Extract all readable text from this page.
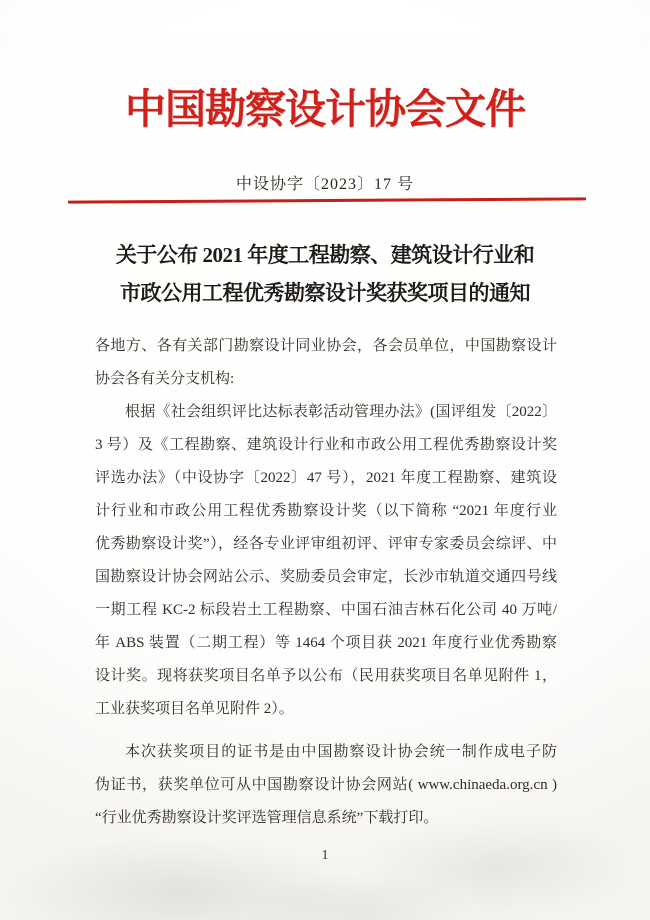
中国勘察设计协会文件
中设协字〔2023〕17 号
关于公布 2021 年度工程勘察、建筑设计行业和
市政公用工程优秀勘察设计奖获奖项目的通知
各地方、各有关部门勘察设计同业协会，各会员单位，中国勘察设计
协会各有关分支机构:
根据《社会组织评比达标表彰活动管理办法》(国评组发〔2022〕
3 号）及《工程勘察、建筑设计行业和市政公用工程优秀勘察设计奖
评选办法》（中设协字〔2022〕47 号），2021 年度工程勘察、建筑设
计行业和市政公用工程优秀勘察设计奖（以下简称 “2021 年度行业
优秀勘察设计奖”），经各专业评审组初评、评审专家委员会综评、中
国勘察设计协会网站公示、奖励委员会审定，长沙市轨道交通四号线
一期工程 KC-2 标段岩土工程勘察、中国石油吉林石化公司 40 万吨/
年 ABS 装置（二期工程）等 1464 个项目获 2021 年度行业优秀勘察
设计奖。现将获奖项目名单予以公布（民用获奖项目名单见附件 1，
工业获奖项目名单见附件 2）。
本次获奖项目的证书是由中国勘察设计协会统一制作成电子防
伪证书，获奖单位可从中国勘察设计协会网站( www.chinaeda.org.cn )
“行业优秀勘察设计奖评选管理信息系统”下载打印。
1
